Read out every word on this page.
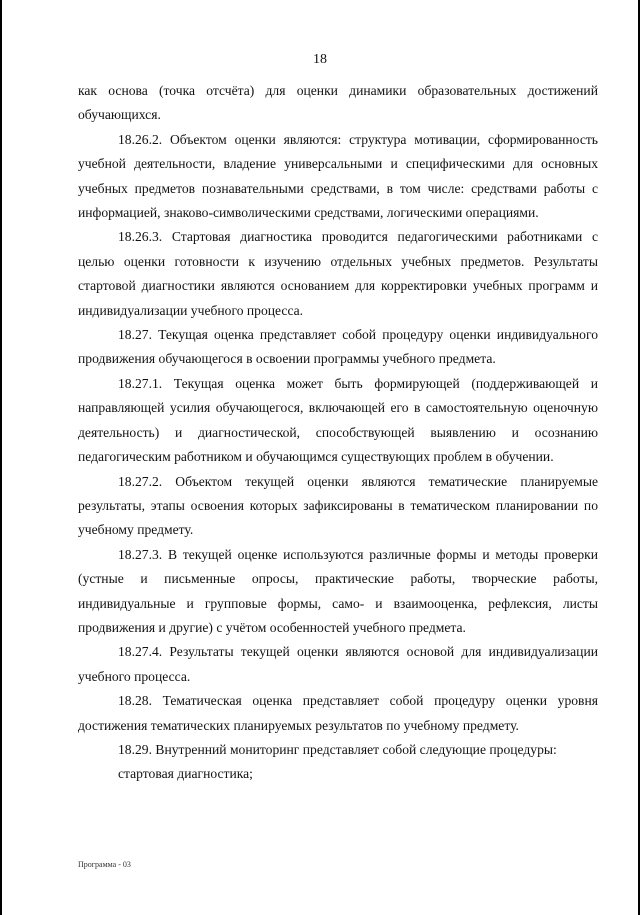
18

как основа (точка отсчёта) для оценки динамики образовательных достижений обучающихся.

18.26.2. Объектом оценки являются: структура мотивации, сформированность учебной деятельности, владение универсальными и специфическими для основных учебных предметов познавательными средствами, в том числе: средствами работы с информацией, знаково-символическими средствами, логическими операциями.

18.26.3. Стартовая диагностика проводится педагогическими работниками с целью оценки готовности к изучению отдельных учебных предметов. Результаты стартовой диагностики являются основанием для корректировки учебных программ и индивидуализации учебного процесса.

18.27. Текущая оценка представляет собой процедуру оценки индивидуального продвижения обучающегося в освоении программы учебного предмета.

18.27.1. Текущая оценка может быть формирующей (поддерживающей и направляющей усилия обучающегося, включающей его в самостоятельную оценочную деятельность) и диагностической, способствующей выявлению и осознанию педагогическим работником и обучающимся существующих проблем в обучении.

18.27.2. Объектом текущей оценки являются тематические планируемые результаты, этапы освоения которых зафиксированы в тематическом планировании по учебному предмету.

18.27.3. В текущей оценке используются различные формы и методы проверки (устные и письменные опросы, практические работы, творческие работы, индивидуальные и групповые формы, само- и взаимооценка, рефлексия, листы продвижения и другие) с учётом особенностей учебного предмета.

18.27.4. Результаты текущей оценки являются основой для индивидуализации учебного процесса.

18.28. Тематическая оценка представляет собой процедуру оценки уровня достижения тематических планируемых результатов по учебному предмету.

18.29. Внутренний мониторинг представляет собой следующие процедуры:

стартовая диагностика;

Программа - 03
